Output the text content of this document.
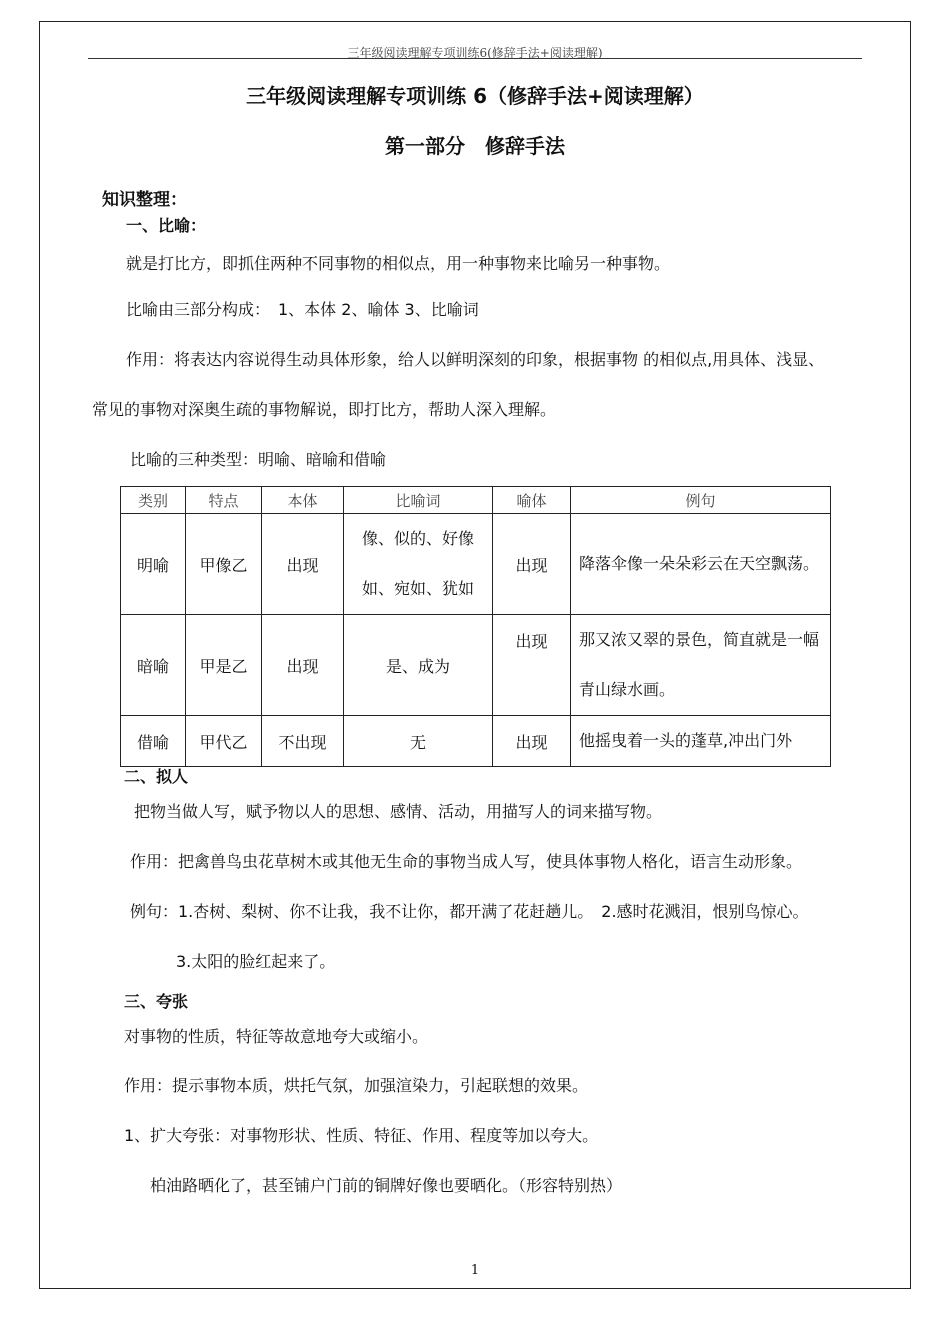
三年级阅读理解专项训练6(修辞手法+阅读理解)
三年级阅读理解专项训练 6（修辞手法+阅读理解）
第一部分　修辞手法
知识整理：
一、比喻：
就是打比方，即抓住两种不同事物的相似点，用一种事物来比喻另一种事物。
比喻由三部分构成：　1、本体 2、喻体 3、比喻词
作用：将表达内容说得生动具体形象，给人以鲜明深刻的印象，根据事物 的相似点,用具体、浅显、
常见的事物对深奥生疏的事物解说，即打比方，帮助人深入理解。
比喻的三种类型：明喻、暗喻和借喻
类别	特点	本体	比喻词	喻体	例句
明喻	甲像乙	出现	像、似的、好像
如、宛如、犹如	出现	降落伞像一朵朵彩云在天空飘荡。

暗喻	甲是乙	出现	是、成为	出现	那又浓又翠的景色，简直就是一幅
青山绿水画。

借喻	甲代乙	不出现	无	出现	他摇曳着一头的蓬草,冲出门外
二、拟人
把物当做人写，赋予物以人的思想、感情、活动，用描写人的词来描写物。
作用：把禽兽鸟虫花草树木或其他无生命的事物当成人写，使具体事物人格化，语言生动形象。
例句：1.杏树、梨树、你不让我，我不让你，都开满了花赶趟儿。　2.感时花溅泪，恨别鸟惊心。
3.太阳的脸红起来了。
三、夸张
对事物的性质，特征等故意地夸大或缩小。
作用：提示事物本质，烘托气氛，加强渲染力，引起联想的效果。
1、扩大夸张：对事物形状、性质、特征、作用、程度等加以夸大。
柏油路晒化了，甚至铺户门前的铜牌好像也要晒化。（形容特别热）
1
